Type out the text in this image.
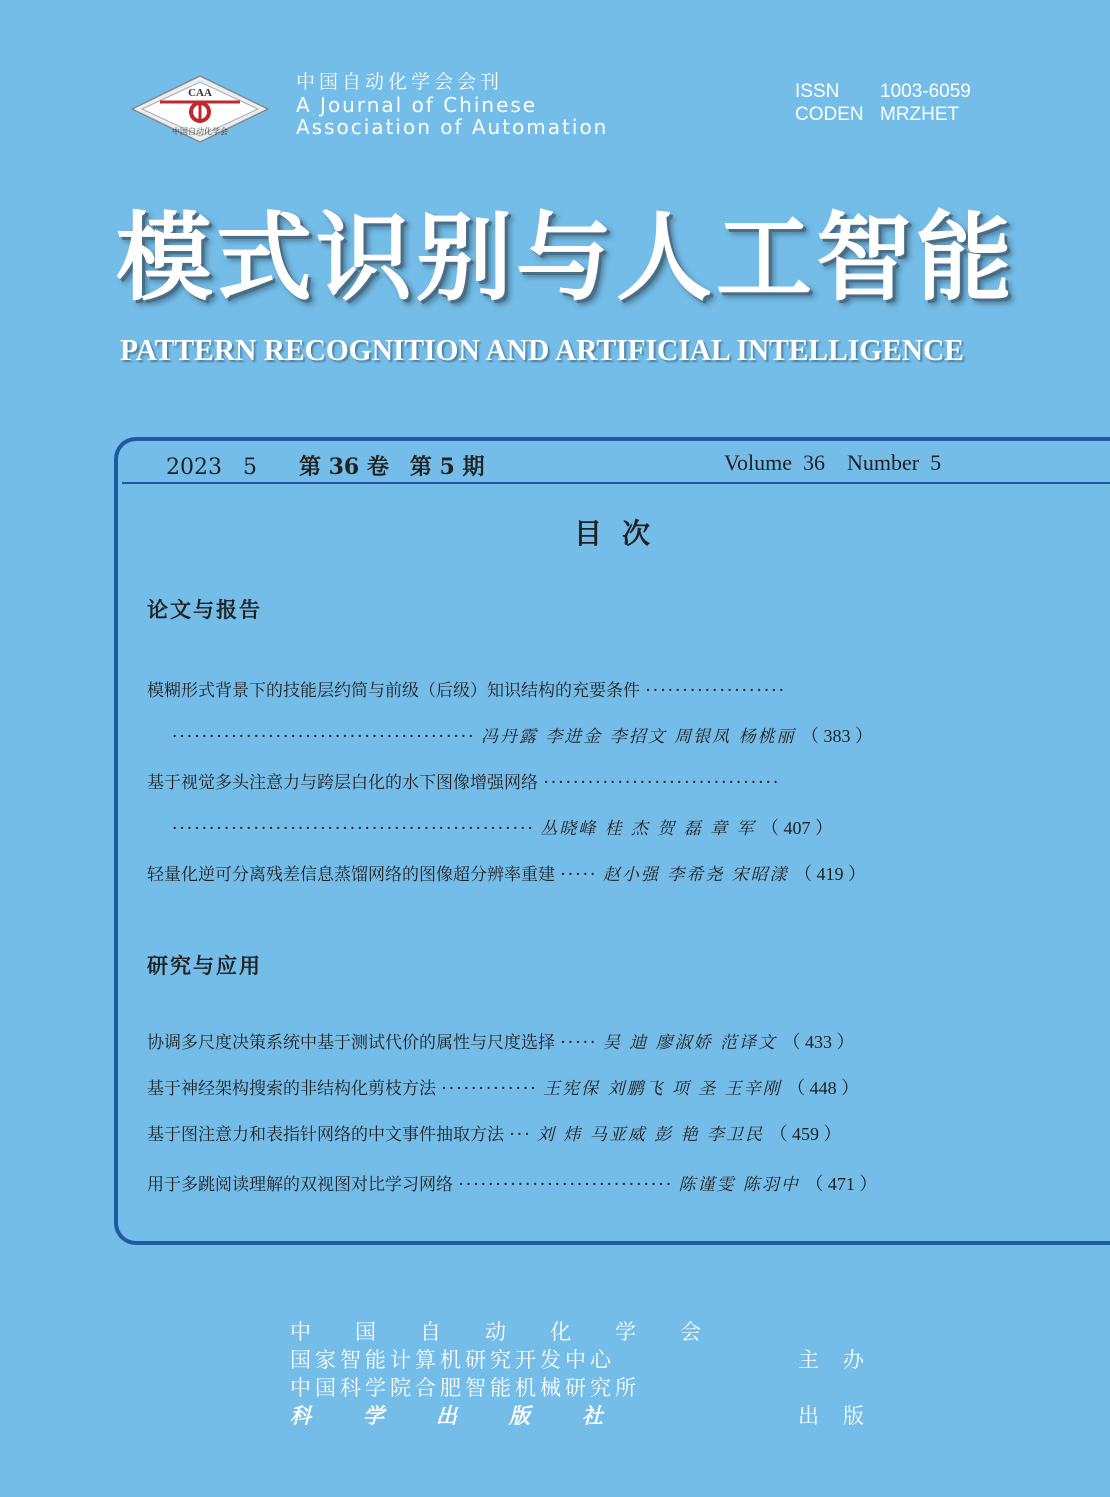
CAA
中国自动化学会
中国自动化学会会刊
A Journal of Chinese
Association of Automation
ISSN	1003-6059
CODEN MRZHET
模式识别与人工智能
PATTERN RECOGNITION AND ARTIFICIAL INTELLIGENCE
2023 5 第 36 卷 第 5 期	Volume  36 Number  5
目次
论文与报告
模糊形式背景下的技能层约简与前级（后级）知识结构的充要条件 ···················
········································· 冯丹露 李进金 李招文 周银凤 杨桃丽 （ 383 ）
基于视觉多头注意力与跨层白化的水下图像增强网络 ································
················································· 丛晓峰 桂 杰 贺 磊 章 军 （ 407 ）
轻量化逆可分离残差信息蒸馏网络的图像超分辨率重建 ····· 赵小强 李希尧 宋昭漾 （ 419 ）
研究与应用
协调多尺度决策系统中基于测试代价的属性与尺度选择 ····· 吴 迪 廖淑娇 范译文 （ 433 ）
基于神经架构搜索的非结构化剪枝方法 ············· 王宪保 刘鹏飞 项 圣 王辛刚 （ 448 ）
基于图注意力和表指针网络的中文事件抽取方法 ··· 刘 炜 马亚威 彭 艳 李卫民 （ 459 ）
用于多跳阅读理解的双视图对比学习网络 ····························· 陈谨雯 陈羽中 （ 471 ）
中国自动化学会
国家智能计算机研究开发中心	主办
中国科学院合肥智能机械研究所
科学出版社	出版
